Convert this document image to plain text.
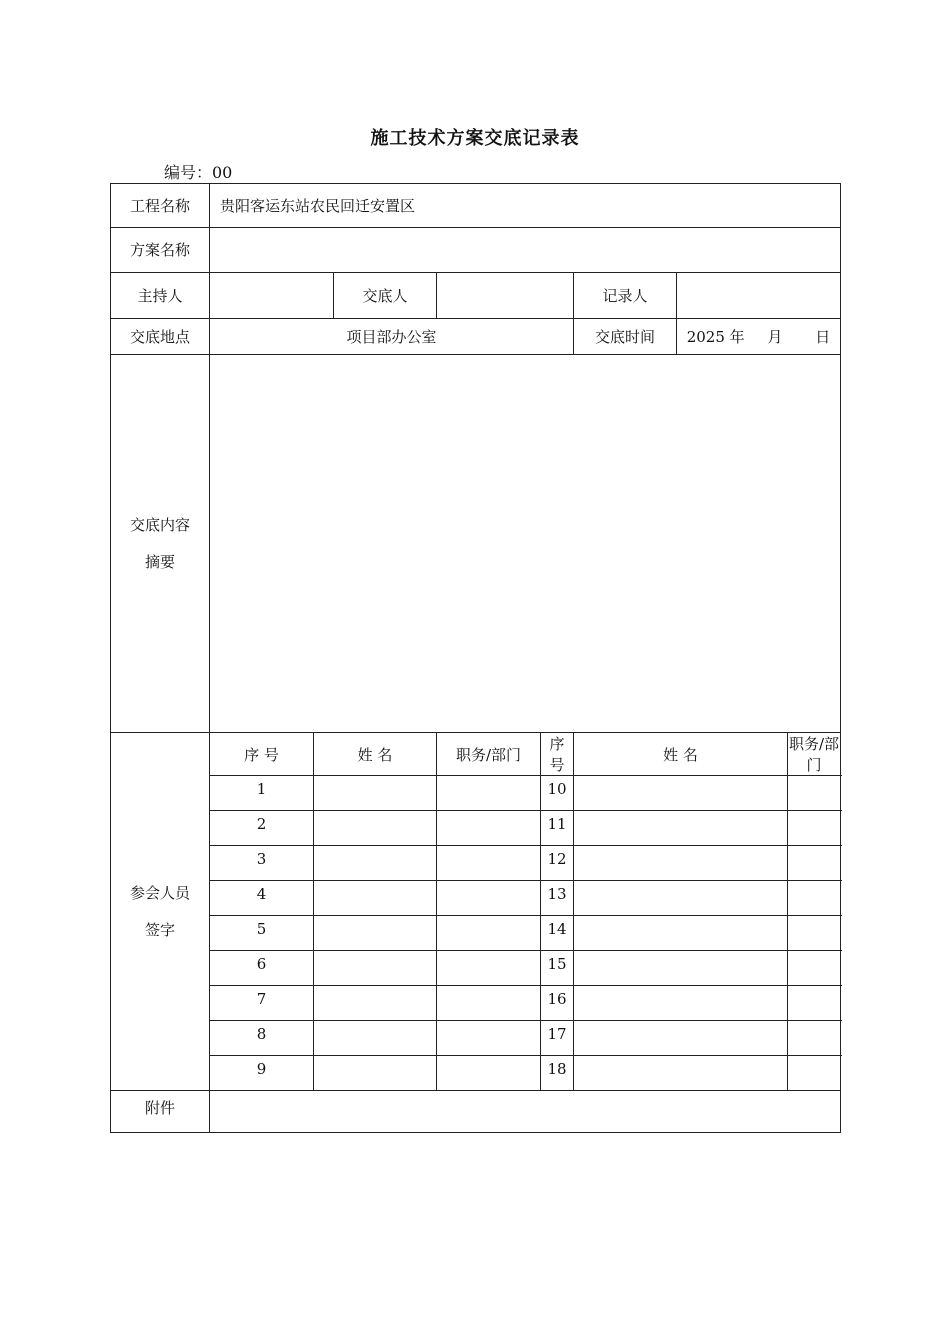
施工技术方案交底记录表
编号：00
工程名称	贵阳客运东站农民回迁安置区							
方案名称								
主持人			交底人			记录人		
交底地点	项目部办公室					交底时间	2025 年 月 日	

交底内容
摘要								

参会人员
签字	序 号	姓 名		职务/部门	序 号	姓 名		职务/部门
	1				10			
	2				11			
	3				12			
	4				13			
	5				14			
	6				15			
	7				16			
	8				17			
	9				18			
附件								
